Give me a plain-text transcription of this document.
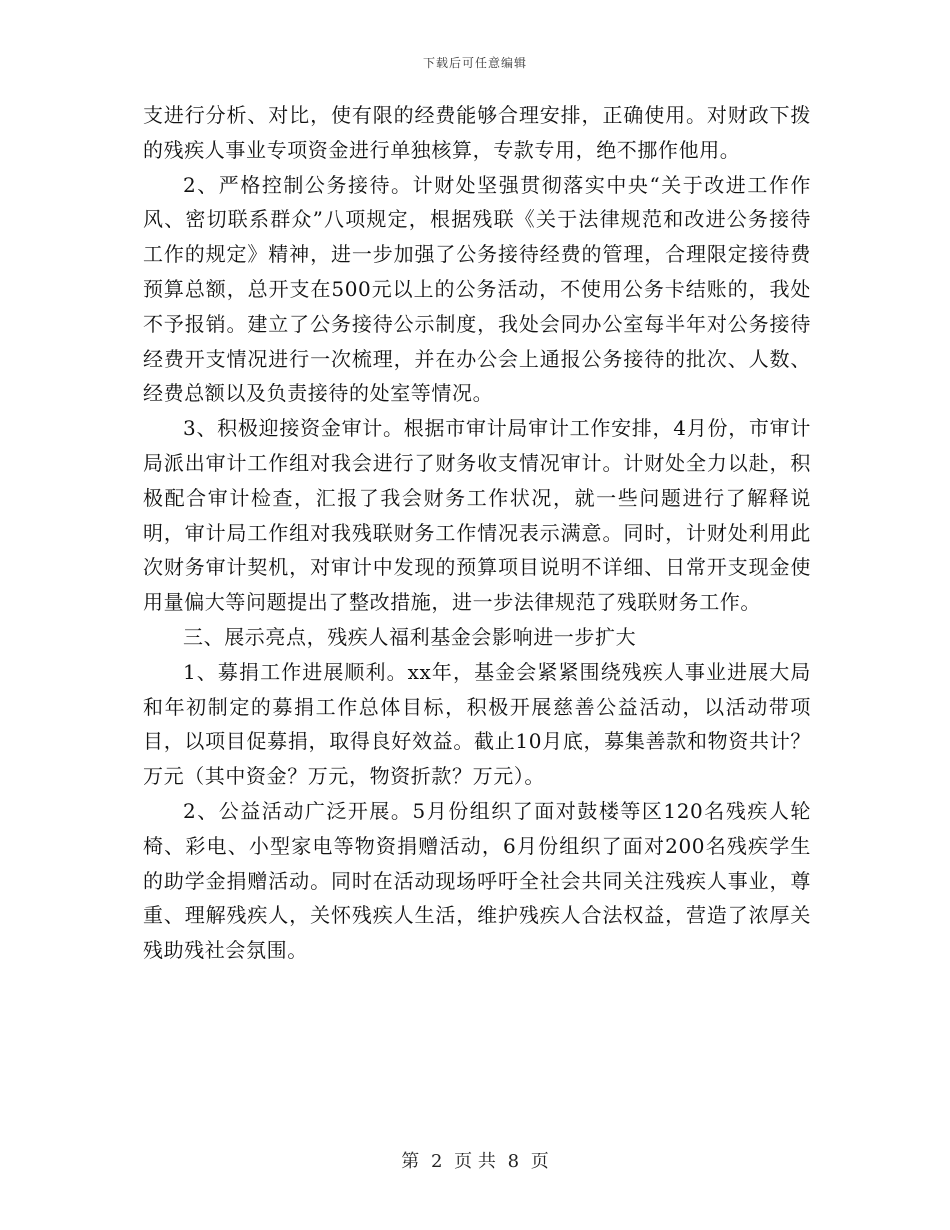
下载后可任意编辑

支进行分析、对比，使有限的经费能够合理安排，正确使用。对财政下拨的残疾人事业专项资金进行单独核算，专款专用，绝不挪作他用。

2、严格控制公务接待。计财处坚强贯彻落实中央“关于改进工作作风、密切联系群众”八项规定，根据残联《关于法律规范和改进公务接待工作的规定》精神，进一步加强了公务接待经费的管理，合理限定接待费预算总额，总开支在500元以上的公务活动，不使用公务卡结账的，我处不予报销。建立了公务接待公示制度，我处会同办公室每半年对公务接待经费开支情况进行一次梳理，并在办公会上通报公务接待的批次、人数、经费总额以及负责接待的处室等情况。

3、积极迎接资金审计。根据市审计局审计工作安排，4月份，市审计局派出审计工作组对我会进行了财务收支情况审计。计财处全力以赴，积极配合审计检查，汇报了我会财务工作状况，就一些问题进行了解释说明，审计局工作组对我残联财务工作情况表示满意。同时，计财处利用此次财务审计契机，对审计中发现的预算项目说明不详细、日常开支现金使用量偏大等问题提出了整改措施，进一步法律规范了残联财务工作。

三、展示亮点，残疾人福利基金会影响进一步扩大

1、募捐工作进展顺利。xx年，基金会紧紧围绕残疾人事业进展大局和年初制定的募捐工作总体目标，积极开展慈善公益活动，以活动带项目，以项目促募捐，取得良好效益。截止10月底，募集善款和物资共计？万元（其中资金？万元，物资折款？万元）。

2、公益活动广泛开展。5月份组织了面对鼓楼等区120名残疾人轮椅、彩电、小型家电等物资捐赠活动，6月份组织了面对200名残疾学生的助学金捐赠活动。同时在活动现场呼吁全社会共同关注残疾人事业，尊重、理解残疾人，关怀残疾人生活，维护残疾人合法权益，营造了浓厚关残助残社会氛围。

第 2 页 共 8 页
